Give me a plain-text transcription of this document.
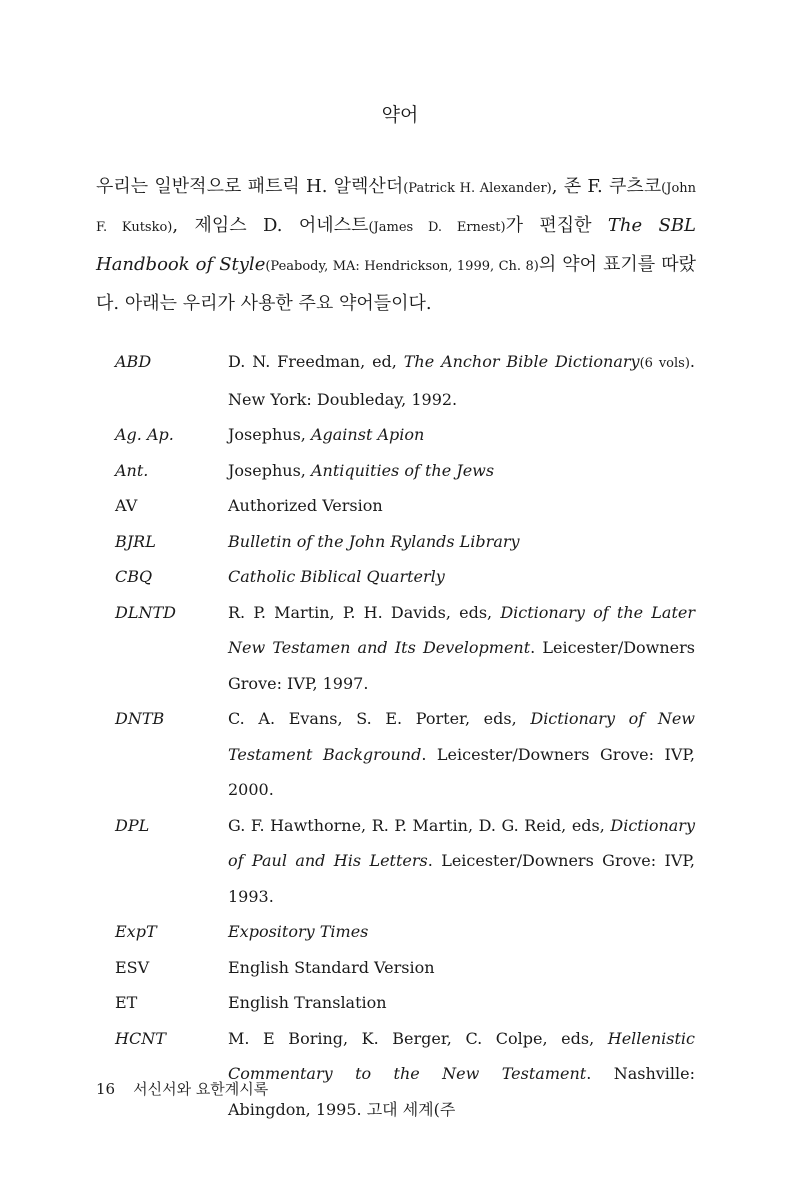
약어
우리는 일반적으로 패트릭 H. 알렉산더(Patrick H. Alexander), 존 F. 쿠츠코(John F. Kutsko), 제임스 D. 어네스트(James D. Ernest)가 편집한 The SBL Handbook of Style(Peabody, MA: Hendrickson, 1999, Ch. 8)의 약어 표기를 따랐다. 아래는 우리가 사용한 주요 약어들이다.
ABD	D. N. Freedman, ed, The Anchor Bible Dictionary(6 vols). New York: Doubleday, 1992.
Ag. Ap.	Josephus, Against Apion
Ant.	Josephus, Antiquities of the Jews
AV	Authorized Version
BJRL	Bulletin of the John Rylands Library
CBQ	Catholic Biblical Quarterly
DLNTD	R. P. Martin, P. H. Davids, eds, Dictionary of the Later New Testamen and Its Development. Leicester/Downers Grove: IVP, 1997.
DNTB	C. A. Evans, S. E. Porter, eds, Dictionary of New Testament Background. Leicester/Downers Grove: IVP, 2000.
DPL	G. F. Hawthorne, R. P. Martin, D. G. Reid, eds, Dictionary of Paul and His Letters. Leicester/Downers Grove: IVP, 1993.
ExpT	Expository Times
ESV	English Standard Version
ET	English Translation
HCNT	M. E Boring, K. Berger, C. Colpe, eds, Hellenistic Commentary to the New Testament. Nashville: Abingdon, 1995. 고대 세계(주
16 서신서와 요한계시록
